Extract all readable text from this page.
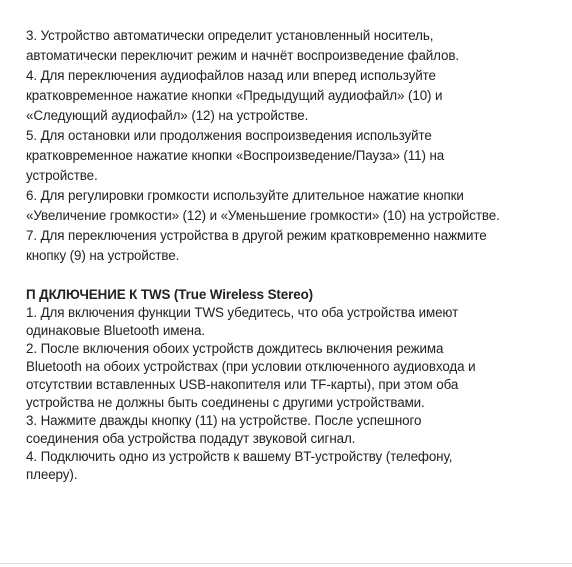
3. Устройство автоматически определит установленный носитель,

автоматически переключит режим и начнёт воспроизведение файлов.

4. Для переключения аудиофайлов назад или вперед используйте

кратковременное нажатие кнопки «Предыдущий аудиофайл» (10) и

«Следующий аудиофайл» (12) на устройстве.

5. Для остановки или продолжения воспроизведения используйте

кратковременное нажатие кнопки «Воспроизведение/Пауза» (11) на

устройстве.

6. Для регулировки громкости используйте длительное нажатие кнопки

«Увеличение громкости» (12) и «Уменьшение громкости» (10) на устройстве.

7. Для переключения устройства в другой режим кратковременно нажмите

кнопку (9) на устройстве.

П ДКЛЮЧЕНИЕ К TWS (True Wireless Stereo)

1. Для включения функции TWS убедитесь, что оба устройства имеют

одинаковые Bluetooth имена.

2. После включения обоих устройств дождитесь включения режима

Bluetooth на обоих устройствах (при условии отключенного аудиовхода и

отсутствии вставленных USB-накопителя или TF-карты), при этом оба

устройства не должны быть соединены с другими устройствами.

3. Нажмите дважды кнопку (11) на устройстве. После успешного

соединения оба устройства подадут звуковой сигнал.

4. Подключить одно из устройств к вашему BT-устройству (телефону,

плееру).
